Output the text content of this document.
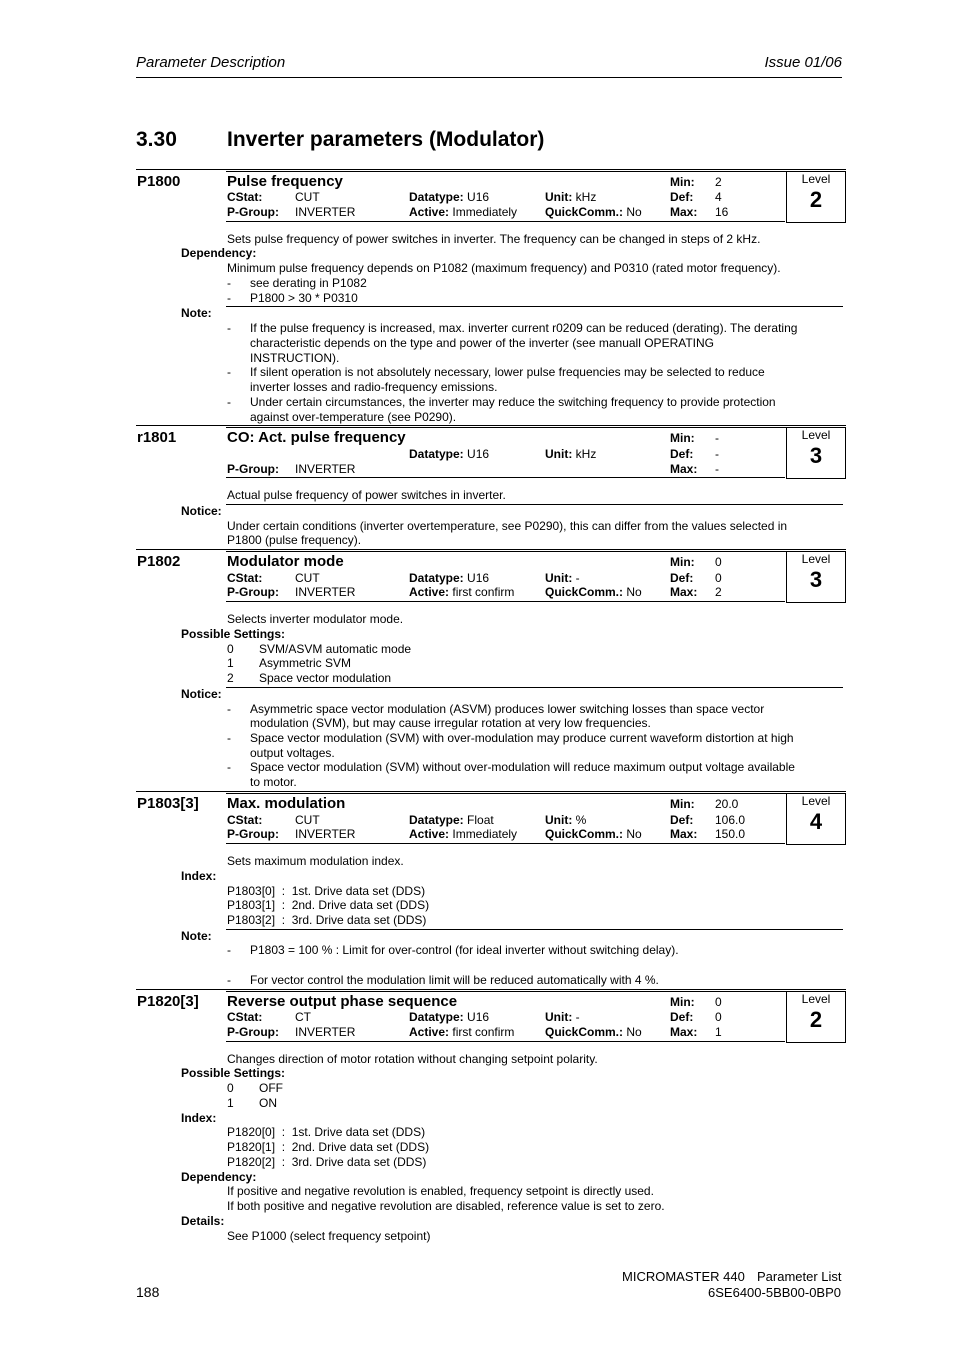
Parameter Description	Issue 01/06
3.30 Inverter parameters (Modulator)
P1800	Pulse frequency
CStat:	CUT
P-Group: INVERTER
Datatype: U16
Active: Immediately
Unit: kHz
QuickComm.: No
Min: 2
Def: 4
Max: 16
Level
2
Sets pulse frequency of power switches in inverter. The frequency can be changed in steps of 2 kHz.
Dependency:
Minimum pulse frequency depends on P1082 (maximum frequency) and P0310 (rated motor frequency).
- see derating in P1082
- P1800 > 30 * P0310
Note:
- If the pulse frequency is increased, max. inverter current r0209 can be reduced (derating). The derating
characteristic depends on the type and power of the inverter (see manuall OPERATING
INSTRUCTION).
- If silent operation is not absolutely necessary, lower pulse frequencies may be selected to reduce
inverter losses and radio-frequency emissions.
- Under certain circumstances, the inverter may reduce the switching frequency to provide protection
against over-temperature (see P0290).
r1801	CO: Act. pulse frequency
P-Group: INVERTER
Datatype: U16	Unit: kHz
Min: -
Def: -
Max: -
Level
3
Actual pulse frequency of power switches in inverter.
Notice:
Under certain conditions (inverter overtemperature, see P0290), this can differ from the values selected in
P1800 (pulse frequency).
P1802	Modulator mode
CStat:	CUT
P-Group: INVERTER
Datatype: U16
Active: first confirm
Unit: -
QuickComm.: No
Min: 0
Def: 0
Max: 2
Level
3
Selects inverter modulator mode.
Possible Settings:
0 SVM/ASVM automatic mode
1 Asymmetric SVM
2 Space vector modulation
Notice:
- Asymmetric space vector modulation (ASVM) produces lower switching losses than space vector
modulation (SVM), but may cause irregular rotation at very low frequencies.
- Space vector modulation (SVM) with over-modulation may produce current waveform distortion at high
output voltages.
- Space vector modulation (SVM) without over-modulation will reduce maximum output voltage available
to motor.
P1803[3] Max. modulation
CStat:	CUT
P-Group: INVERTER
Datatype: Float
Active: Immediately
Unit: %
QuickComm.: No
Min: 20.0
Def: 106.0
Max: 150.0
Level
4
Sets maximum modulation index.
Index:
P1803[0]  :  1st. Drive data set (DDS)
P1803[1]  :  2nd. Drive data set (DDS)
P1803[2]  :  3rd. Drive data set (DDS)
Note:
- P1803 = 100 % : Limit for over-control (for ideal inverter without switching delay).
- For vector control the modulation limit will be reduced automatically with 4 %.
P1820[3] Reverse output phase sequence
CStat:	CT
P-Group: INVERTER
Datatype: U16
Active: first confirm
Unit: -
QuickComm.: No
Min: 0
Def: 0
Max: 1
Level
2
Changes direction of motor rotation without changing setpoint polarity.
Possible Settings:
0 OFF
1 ON
Index:
P1820[0]  :  1st. Drive data set (DDS)
P1820[1]  :  2nd. Drive data set (DDS)
P1820[2]  :  3rd. Drive data set (DDS)
Dependency:
If positive and negative revolution is enabled, frequency setpoint is directly used.
If both positive and negative revolution are disabled, reference value is set to zero.
Details:
See P1000 (select frequency setpoint)
188
MICROMASTER 440 Parameter List
6SE6400-5BB00-0BP0
